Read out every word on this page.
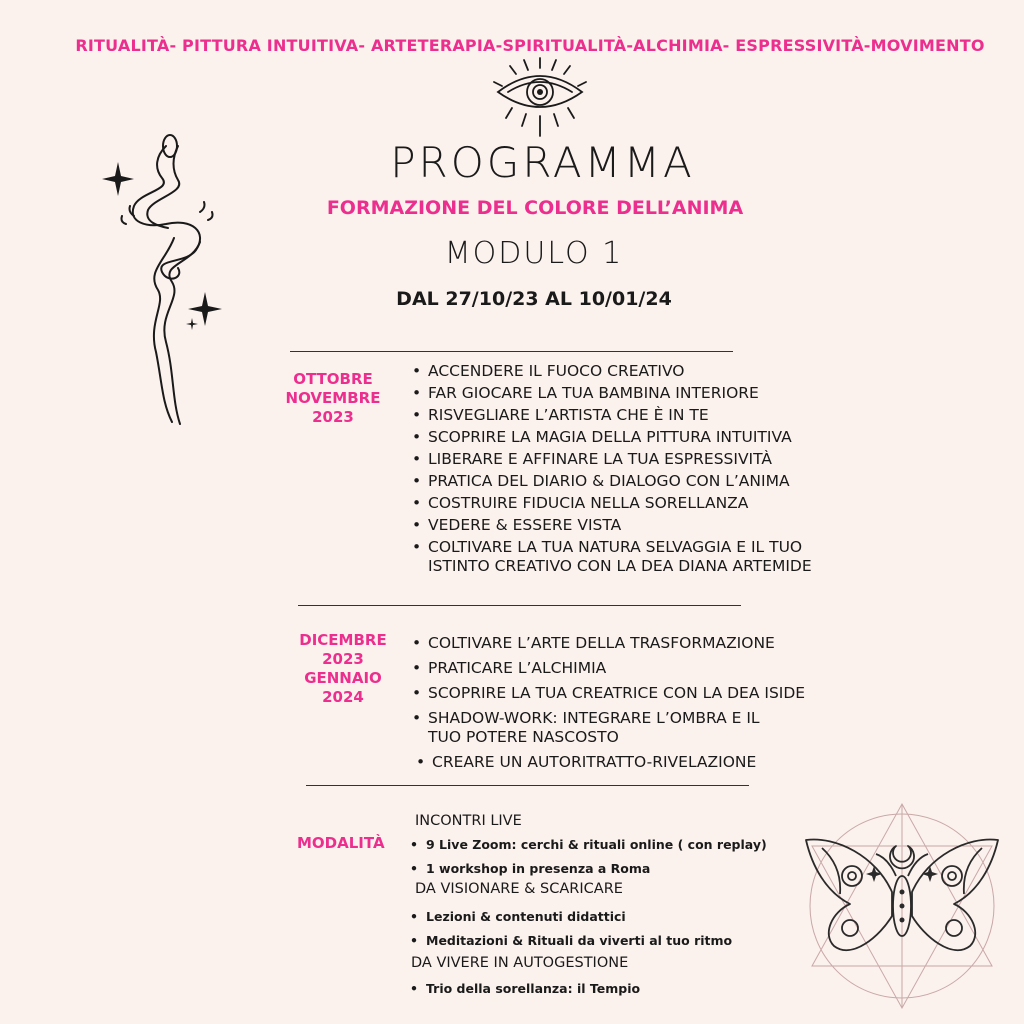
RITUALITÀ- PITTURA INTUITIVA- ARTETERAPIA-SPIRITUALITÀ-ALCHIMIA- ESPRESSIVITÀ-MOVIMENTO
PROGRAMMA
FORMAZIONE DEL COLORE DELL’ANIMA
MODULO 1
DAL 27/10/23 AL 10/01/24
OTTOBRE
NOVEMBRE
2023
• ACCENDERE IL FUOCO CREATIVO
• FAR GIOCARE LA TUA BAMBINA INTERIORE
• RISVEGLIARE L’ARTISTA CHE È IN TE
• SCOPRIRE LA MAGIA DELLA PITTURA INTUITIVA
• LIBERARE E AFFINARE LA TUA ESPRESSIVITÀ
• PRATICA DEL DIARIO & DIALOGO CON L’ANIMA
• COSTRUIRE FIDUCIA NELLA SORELLANZA
• VEDERE & ESSERE VISTA
• COLTIVARE LA TUA NATURA SELVAGGIA E IL TUO
ISTINTO CREATIVO CON LA DEA DIANA ARTEMIDE
DICEMBRE
2023
GENNAIO
2024
• COLTIVARE L’ARTE DELLA TRASFORMAZIONE
• PRATICARE L’ALCHIMIA
• SCOPRIRE LA TUA CREATRICE CON LA DEA ISIDE
• SHADOW-WORK: INTEGRARE L’OMBRA E IL
TUO POTERE NASCOSTO
• CREARE UN AUTORITRATTO-RIVELAZIONE
MODALITÀ
INCONTRI LIVE
• 9 Live Zoom: cerchi & rituali online ( con replay)
• 1 workshop in presenza a Roma
DA VISIONARE & SCARICARE
• Lezioni & contenuti didattici
• Meditazioni & Rituali da viverti al tuo ritmo
DA VIVERE IN AUTOGESTIONE
• Trio della sorellanza: il Tempio
